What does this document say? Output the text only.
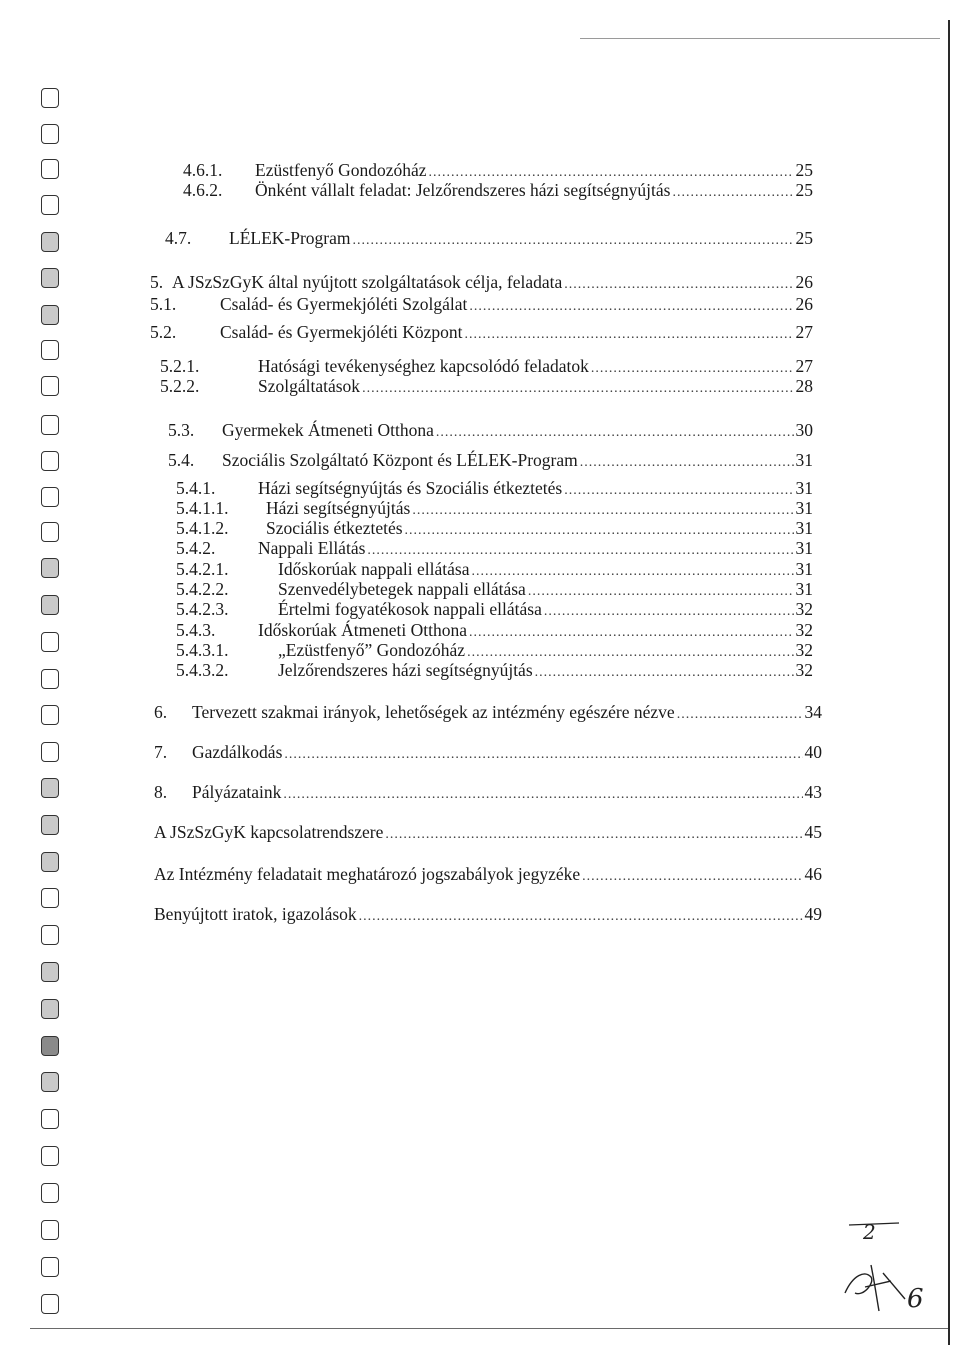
4.6.1.	Ezüstfenyő Gondozóház .....	25
4.6.2.	Önként vállalt feladat: Jelzőrendszeres házi segítségnyújtás .....	25
4.7.	LÉLEK-Program .....	25
5. A JSzSzGyK által nyújtott szolgáltatások célja, feladata .....	26
5.1.	Család- és Gyermekjóléti Szolgálat .....	26
5.2.	Család- és Gyermekjóléti Központ .....	27
5.2.1.	Hatósági tevékenységhez kapcsolódó feladatok .....	27
5.2.2.	Szolgáltatások .....	28
5.3.	Gyermekek Átmeneti Otthona .....	30
5.4.	Szociális Szolgáltató Központ és LÉLEK-Program .....	31
5.4.1.	Házi segítségnyújtás és Szociális étkeztetés .....	31
5.4.1.1.	Házi segítségnyújtás .....	31
5.4.1.2.	Szociális étkeztetés .....	31
5.4.2.	Nappali Ellátás .....	31
5.4.2.1.	Időskorúak nappali ellátása .....	31
5.4.2.2.	Szenvedélybetegek nappali ellátása .....	31
5.4.2.3.	Értelmi fogyatékosok nappali ellátása .....	32
5.4.3.	Időskorúak Átmeneti Otthona .....	32
5.4.3.1.	„Ezüstfenyő” Gondozóház .....	32
5.4.3.2.	Jelzőrendszeres házi segítségnyújtás .....	32
6.	Tervezett szakmai irányok, lehetőségek az intézmény egészére nézve .....	34
7.	Gazdálkodás .....	40
8.	Pályázataink .....	43
A JSzSzGyK kapcsolatrendszere .....	45
Az Intézmény feladatait meghatározó jogszabályok jegyzéke .....	46
Benyújtott iratok, igazolások .....	49
2
6
